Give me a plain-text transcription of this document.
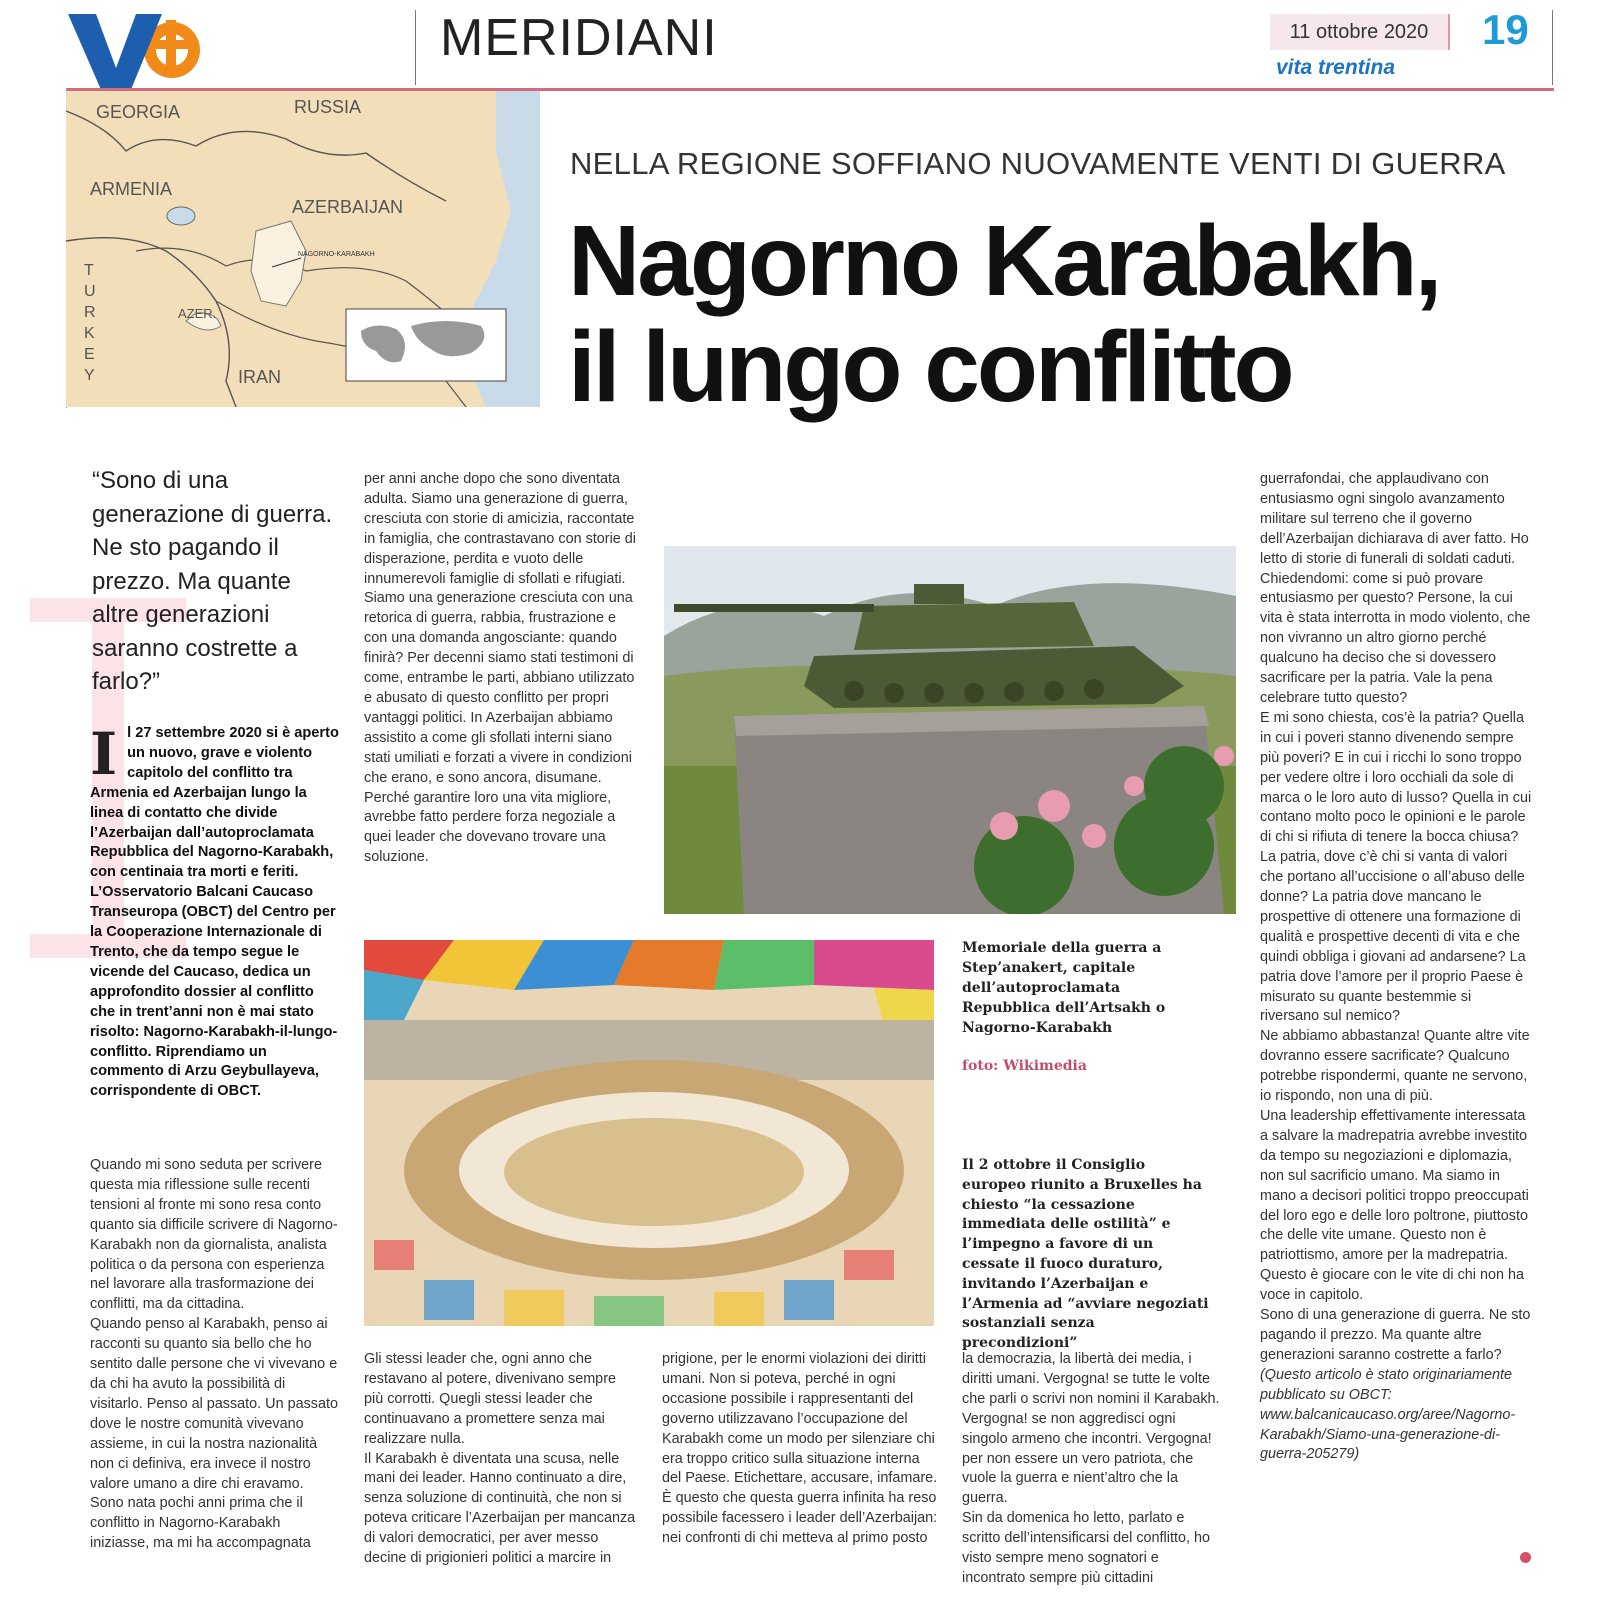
Vt
MERIDIANI	11 ottobre 2020
vita trentina
19
GEORGIA	RUSSIA
ARMENIA
AZERBAIJAN
NAGORNO-KARABAKH
T
U
R
K
E
Y
AZER.
IRAN
NELLA REGIONE SOFFIANO NUOVAMENTE VENTI DI GUERRA
Nagorno Karabakh,
il lungo conflitto
“Sono di una generazione di guerra. Ne sto pagando il prezzo. Ma quante altre generazioni saranno costrette a farlo?”
Il 27 settembre 2020 si è aperto un nuovo, grave e violento capitolo del conflitto tra Armenia ed Azerbaijan lungo la linea di contatto che divide l’Azerbaijan dall’autoproclamata Repubblica del Nagorno-Karabakh, con centinaia tra morti e feriti. L’Osservatorio Balcani Caucaso Transeuropa (OBCT) del Centro per la Cooperazione Internazionale di Trento, che da tempo segue le vicende del Caucaso, dedica un approfondito dossier al conflitto che in trent’anni non è mai stato risolto: Nagorno-Karabakh-il-lungo-conflitto. Riprendiamo un commento di Arzu Geybullayeva, corrispondente di OBCT.

Quando mi sono seduta per scrivere questa mia riflessione sulle recenti tensioni al fronte mi sono resa conto quanto sia difficile scrivere di Nagorno-Karabakh non da giornalista, analista politica o da persona con esperienza nel lavorare alla trasformazione dei conflitti, ma da cittadina.

Quando penso al Karabakh, penso ai racconti su quanto sia bello che ho sentito dalle persone che vi vivevano e da chi ha avuto la possibilità di visitarlo. Penso al passato. Un passato dove le nostre comunità vivevano assieme, in cui la nostra nazionalità non ci definiva, era invece il nostro valore umano a dire chi eravamo.

Sono nata pochi anni prima che il conflitto in Nagorno-Karabakh iniziasse, ma mi ha accompagnata

per anni anche dopo che sono diventata adulta. Siamo una generazione di guerra, cresciuta con storie di amicizia, raccontate in famiglia, che contrastavano con storie di disperazione, perdita e vuoto delle innumerevoli famiglie di sfollati e rifugiati.

Siamo una generazione cresciuta con una retorica di guerra, rabbia, frustrazione e con una domanda angosciante: quando finirà? Per decenni siamo stati testimoni di come, entrambe le parti, abbiano utilizzato e abusato di questo conflitto per propri vantaggi politici. In Azerbaijan abbiamo assistito a come gli sfollati interni siano stati umiliati e forzati a vivere in condizioni che erano, e sono ancora, disumane. Perché garantire loro una vita migliore, avrebbe fatto perdere forza negoziale a quei leader che dovevano trovare una soluzione.

Memoriale della guerra a Step’anakert, capitale dell’autoproclamata Repubblica dell’Artsakh o Nagorno-Karabakh
foto: Wikimedia
Il 2 ottobre il Consiglio europeo riunito a Bruxelles ha chiesto “la cessazione immediata delle ostilità” e l’impegno a favore di un cessate il fuoco duraturo, invitando l’Azerbaijan e l’Armenia ad “avviare negoziati sostanziali senza precondizioni”

Gli stessi leader che, ogni anno che restavano al potere, divenivano sempre più corrotti. Quegli stessi leader che continuavano a promettere senza mai realizzare nulla.

Il Karabakh è diventata una scusa, nelle mani dei leader. Hanno continuato a dire, senza soluzione di continuità, che non si poteva criticare l’Azerbaijan per mancanza di valori democratici, per aver messo decine di prigionieri politici a marcire in

prigione, per le enormi violazioni dei diritti umani. Non si poteva, perché in ogni occasione possibile i rappresentanti del governo utilizzavano l’occupazione del Karabakh come un modo per silenziare chi era troppo critico sulla situazione interna del Paese. Etichettare, accusare, infamare. È questo che questa guerra infinita ha reso possibile facessero i leader dell’Azerbaijan: nei confronti di chi metteva al primo posto

la democrazia, la libertà dei media, i diritti umani. Vergogna! se tutte le volte che parli o scrivi non nomini il Karabakh. Vergogna! se non aggredisci ogni singolo armeno che incontri. Vergogna! per non essere un vero patriota, che vuole la guerra e nient’altro che la guerra.

Sin da domenica ho letto, parlato e scritto dell’intensificarsi del conflitto, ho visto sempre meno sognatori e incontrato sempre più cittadini

guerrafondai, che applaudivano con entusiasmo ogni singolo avanzamento militare sul terreno che il governo dell’Azerbaijan dichiarava di aver fatto. Ho letto di storie di funerali di soldati caduti. Chiedendomi: come si può provare entusiasmo per questo? Persone, la cui vita è stata interrotta in modo violento, che non vivranno un altro giorno perché qualcuno ha deciso che si dovessero sacrificare per la patria. Vale la pena celebrare tutto questo?

E mi sono chiesta, cos’è la patria? Quella in cui i poveri stanno divenendo sempre più poveri? E in cui i ricchi lo sono troppo per vedere oltre i loro occhiali da sole di marca o le loro auto di lusso? Quella in cui contano molto poco le opinioni e le parole di chi si rifiuta di tenere la bocca chiusa? La patria, dove c’è chi si vanta di valori che portano all’uccisione o all’abuso delle donne? La patria dove mancano le prospettive di ottenere una formazione di qualità e prospettive decenti di vita e che quindi obbliga i giovani ad andarsene? La patria dove l’amore per il proprio Paese è misurato su quante bestemmie si riversano sul nemico?

Ne abbiamo abbastanza! Quante altre vite dovranno essere sacrificate? Qualcuno potrebbe rispondermi, quante ne servono, io rispondo, non una di più.

Una leadership effettivamente interessata a salvare la madrepatria avrebbe investito da tempo su negoziazioni e diplomazia, non sul sacrificio umano. Ma siamo in mano a decisori politici troppo preoccupati del loro ego e delle loro poltrone, piuttosto che delle vite umane. Questo non è patriottismo, amore per la madrepatria. Questo è giocare con le vite di chi non ha voce in capitolo.

Sono di una generazione di guerra. Ne sto pagando il prezzo. Ma quante altre generazioni saranno costrette a farlo?

(Questo articolo è stato originariamente pubblicato su OBCT: www.balcanicaucaso.org/aree/Nagorno-Karabakh/Siamo-una-generazione-di-guerra-205279)
